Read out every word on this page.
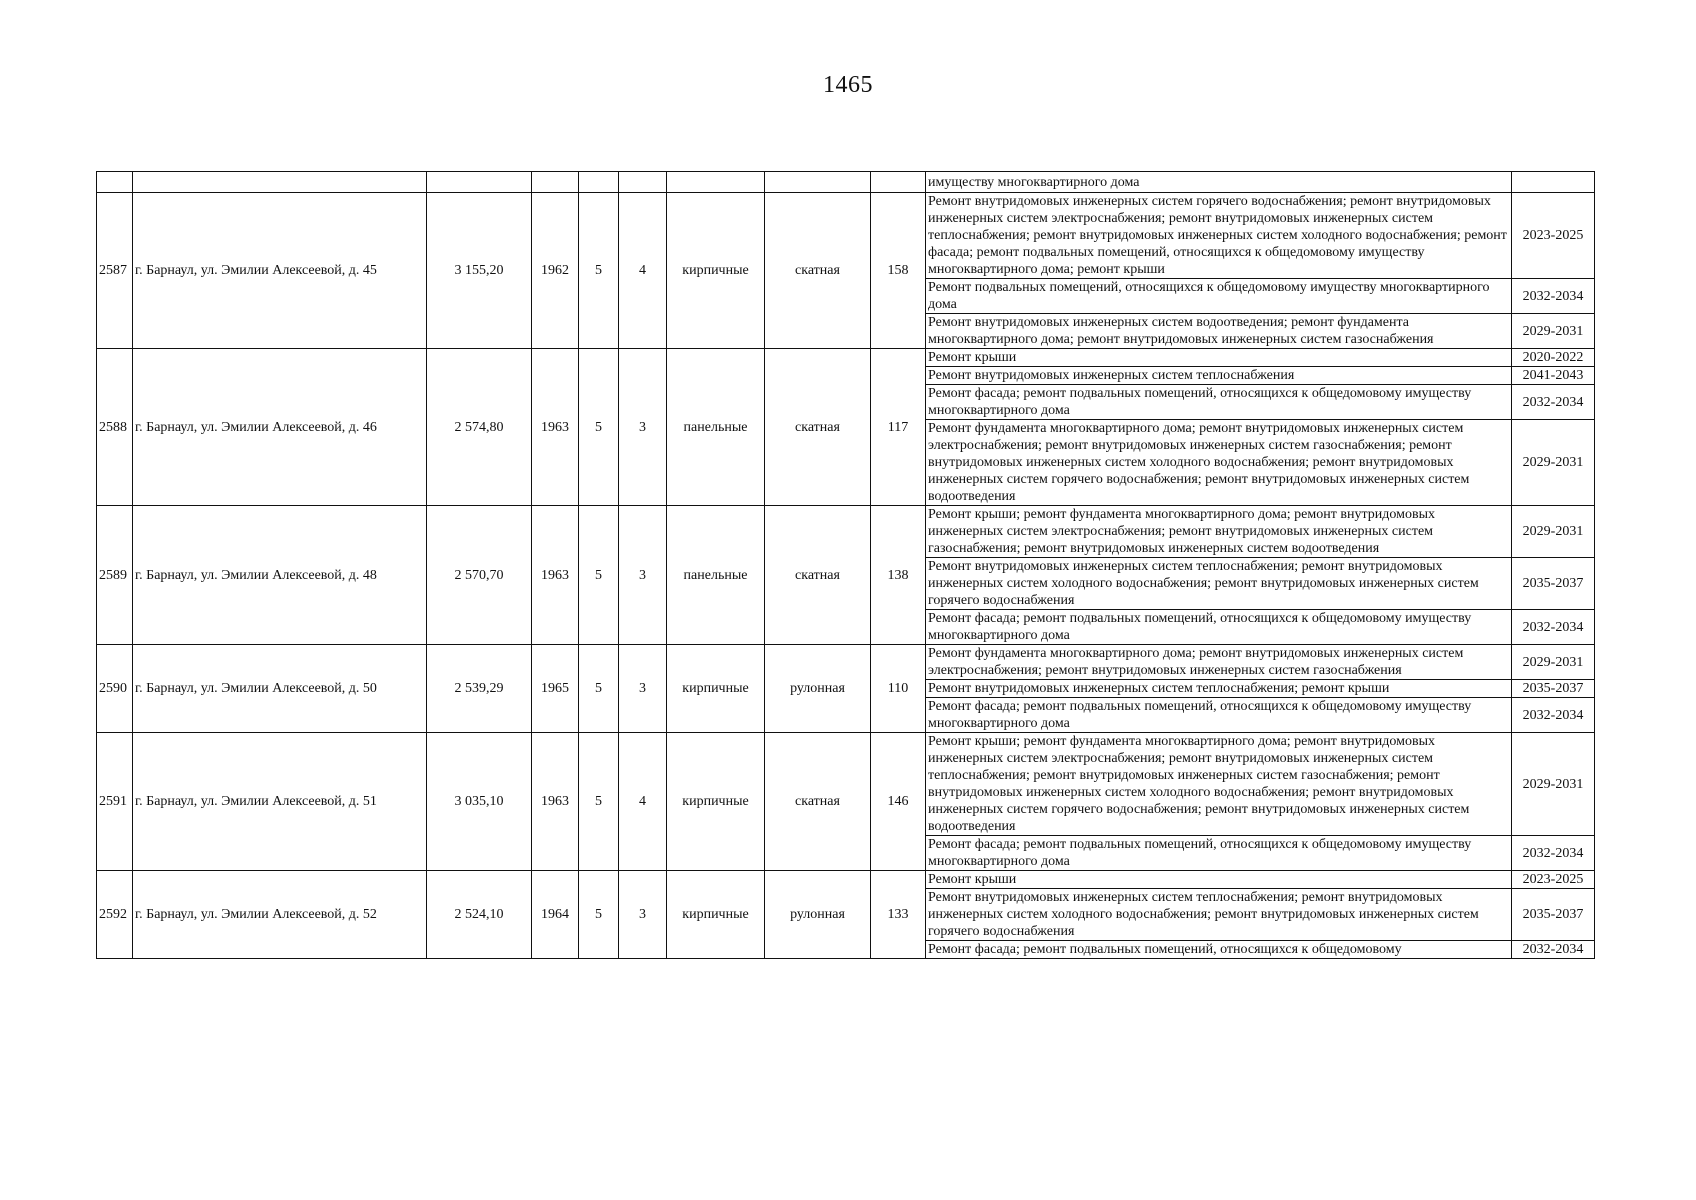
1465
									имуществу многоквартирного дома	
2587	г. Барнаул, ул. Эмилии Алексеевой, д. 45	3 155,20	1962	5	4	кирпичные	скатная	158	Ремонт внутридомовых инженерных систем горячего водоснабжения; ремонт внутридомовых инженерных систем электроснабжения; ремонт внутридомовых инженерных систем теплоснабжения; ремонт внутридомовых инженерных систем холодного водоснабжения; ремонт фасада; ремонт подвальных помещений, относящихся к общедомовому имуществу многоквартирного дома; ремонт крыши	2023-2025
									Ремонт подвальных помещений, относящихся к общедомовому имуществу многоквартирного дома	2032-2034
									Ремонт внутридомовых инженерных систем водоотведения; ремонт фундамента многоквартирного дома; ремонт внутридомовых инженерных систем газоснабжения	2029-2031
2588	г. Барнаул, ул. Эмилии Алексеевой, д. 46	2 574,80	1963	5	3	панельные	скатная	117	Ремонт крыши	2020-2022
									Ремонт внутридомовых инженерных систем теплоснабжения	2041-2043
									Ремонт фасада; ремонт подвальных помещений, относящихся к общедомовому имуществу многоквартирного дома	2032-2034
									Ремонт фундамента многоквартирного дома; ремонт внутридомовых инженерных систем электроснабжения; ремонт внутридомовых инженерных систем газоснабжения; ремонт внутридомовых инженерных систем холодного водоснабжения; ремонт внутридомовых инженерных систем горячего водоснабжения; ремонт внутридомовых инженерных систем водоотведения	2029-2031
2589	г. Барнаул, ул. Эмилии Алексеевой, д. 48	2 570,70	1963	5	3	панельные	скатная	138	Ремонт крыши; ремонт фундамента многоквартирного дома; ремонт внутридомовых инженерных систем электроснабжения; ремонт внутридомовых инженерных систем газоснабжения; ремонт внутридомовых инженерных систем водоотведения	2029-2031
									Ремонт внутридомовых инженерных систем теплоснабжения; ремонт внутридомовых инженерных систем холодного водоснабжения; ремонт внутридомовых инженерных систем горячего водоснабжения	2035-2037
									Ремонт фасада; ремонт подвальных помещений, относящихся к общедомовому имуществу многоквартирного дома	2032-2034
2590	г. Барнаул, ул. Эмилии Алексеевой, д. 50	2 539,29	1965	5	3	кирпичные	рулонная	110	Ремонт фундамента многоквартирного дома; ремонт внутридомовых инженерных систем электроснабжения; ремонт внутридомовых инженерных систем газоснабжения	2029-2031
									Ремонт внутридомовых инженерных систем теплоснабжения; ремонт крыши	2035-2037
									Ремонт фасада; ремонт подвальных помещений, относящихся к общедомовому имуществу многоквартирного дома	2032-2034
2591	г. Барнаул, ул. Эмилии Алексеевой, д. 51	3 035,10	1963	5	4	кирпичные	скатная	146	Ремонт крыши; ремонт фундамента многоквартирного дома; ремонт внутридомовых инженерных систем электроснабжения; ремонт внутридомовых инженерных систем теплоснабжения; ремонт внутридомовых инженерных систем газоснабжения; ремонт внутридомовых инженерных систем холодного водоснабжения; ремонт внутридомовых инженерных систем горячего водоснабжения; ремонт внутридомовых инженерных систем водоотведения	2029-2031
									Ремонт фасада; ремонт подвальных помещений, относящихся к общедомовому имуществу многоквартирного дома	2032-2034
2592	г. Барнаул, ул. Эмилии Алексеевой, д. 52	2 524,10	1964	5	3	кирпичные	рулонная	133	Ремонт крыши	2023-2025
									Ремонт внутридомовых инженерных систем теплоснабжения; ремонт внутридомовых инженерных систем холодного водоснабжения; ремонт внутридомовых инженерных систем горячего водоснабжения	2035-2037
									Ремонт фасада; ремонт подвальных помещений, относящихся к общедомовому	2032-2034
